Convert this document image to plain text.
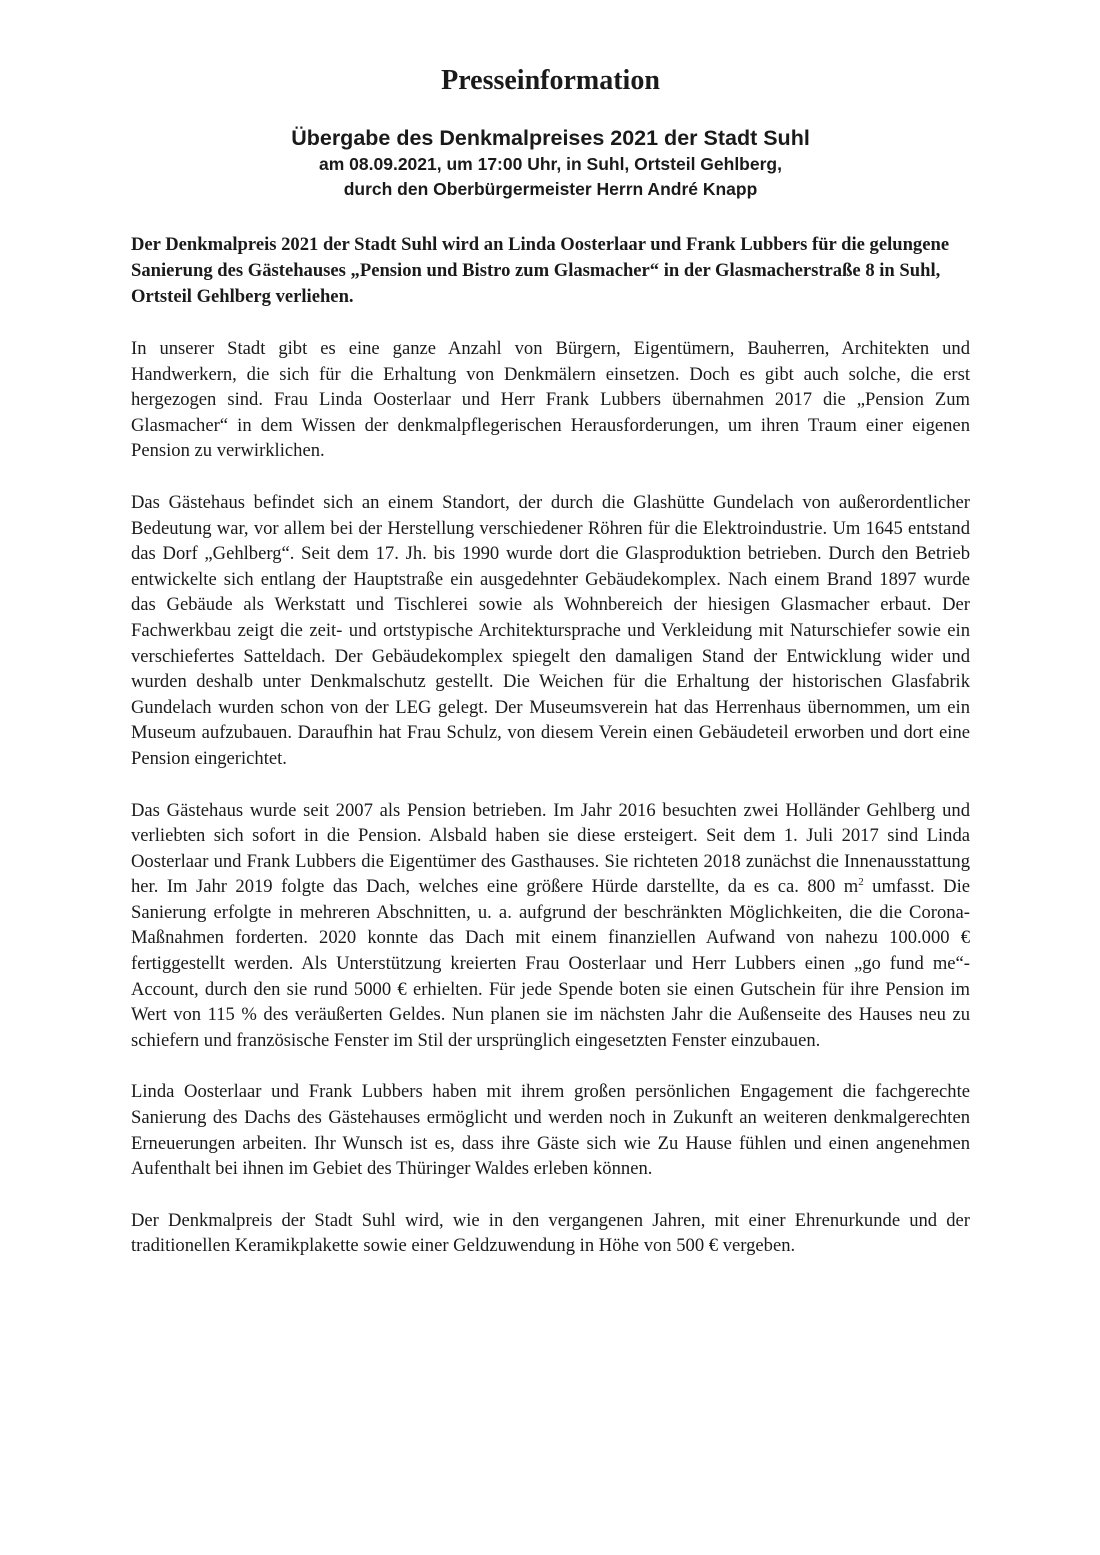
Presseinformation
Übergabe des Denkmalpreises 2021 der Stadt Suhl
am 08.09.2021, um 17:00 Uhr, in Suhl, Ortsteil Gehlberg,
durch den Oberbürgermeister Herrn André Knapp

Der Denkmalpreis 2021 der Stadt Suhl wird an Linda Oosterlaar und Frank Lubbers für die gelungene Sanierung des Gästehauses „Pension und Bistro zum Glasmacher“ in der Glasmacherstraße 8 in Suhl, Ortsteil Gehlberg verliehen.

In unserer Stadt gibt es eine ganze Anzahl von Bürgern, Eigentümern, Bauherren, Architekten und Handwerkern, die sich für die Erhaltung von Denkmälern einsetzen. Doch es gibt auch solche, die erst hergezogen sind. Frau Linda Oosterlaar und Herr Frank Lubbers übernahmen 2017 die „Pension Zum Glasmacher“ in dem Wissen der denkmalpflegerischen Herausforderungen, um ihren Traum einer eigenen Pension zu verwirklichen.

Das Gästehaus befindet sich an einem Standort, der durch die Glashütte Gundelach von außerordentlicher Bedeutung war, vor allem bei der Herstellung verschiedener Röhren für die Elektroindustrie. Um 1645 entstand das Dorf „Gehlberg“. Seit dem 17. Jh. bis 1990 wurde dort die Glasproduktion betrieben. Durch den Betrieb entwickelte sich entlang der Hauptstraße ein ausgedehnter Gebäudekomplex. Nach einem Brand 1897 wurde das Gebäude als Werkstatt und Tischlerei sowie als Wohnbereich der hiesigen Glasmacher erbaut. Der Fachwerkbau zeigt die zeit- und ortstypische Architektursprache und Verkleidung mit Naturschiefer sowie ein verschiefertes Satteldach. Der Gebäudekomplex spiegelt den damaligen Stand der Entwicklung wider und wurden deshalb unter Denkmalschutz gestellt. Die Weichen für die Erhaltung der historischen Glasfabrik Gundelach wurden schon von der LEG gelegt. Der Museumsverein hat das Herrenhaus übernommen, um ein Museum aufzubauen. Daraufhin hat Frau Schulz, von diesem Verein einen Gebäudeteil erworben und dort eine Pension eingerichtet.

Das Gästehaus wurde seit 2007 als Pension betrieben. Im Jahr 2016 besuchten zwei Holländer Gehlberg und verliebten sich sofort in die Pension. Alsbald haben sie diese ersteigert. Seit dem 1. Juli 2017 sind Linda Oosterlaar und Frank Lubbers die Eigentümer des Gasthauses. Sie richteten 2018 zunächst die Innenausstattung her. Im Jahr 2019 folgte das Dach, welches eine größere Hürde darstellte, da es ca. 800 $m^2$ umfasst. Die Sanierung erfolgte in mehreren Abschnitten, u. a. aufgrund der beschränkten Möglichkeiten, die die Corona-Maßnahmen forderten. 2020 konnte das Dach mit einem finanziellen Aufwand von nahezu 100.000 € fertiggestellt werden. Als Unterstützung kreierten Frau Oosterlaar und Herr Lubbers einen „go fund me“-Account, durch den sie rund 5000 € erhielten. Für jede Spende boten sie einen Gutschein für ihre Pension im Wert von 115 % des veräußerten Geldes. Nun planen sie im nächsten Jahr die Außenseite des Hauses neu zu schiefern und französische Fenster im Stil der ursprünglich eingesetzten Fenster einzubauen.

Linda Oosterlaar und Frank Lubbers haben mit ihrem großen persönlichen Engagement die fachgerechte Sanierung des Dachs des Gästehauses ermöglicht und werden noch in Zukunft an weiteren denkmalgerechten Erneuerungen arbeiten. Ihr Wunsch ist es, dass ihre Gäste sich wie Zu Hause fühlen und einen angenehmen Aufenthalt bei ihnen im Gebiet des Thüringer Waldes erleben können.

Der Denkmalpreis der Stadt Suhl wird, wie in den vergangenen Jahren, mit einer Ehrenurkunde und der traditionellen Keramikplakette sowie einer Geldzuwendung in Höhe von 500 € vergeben.
